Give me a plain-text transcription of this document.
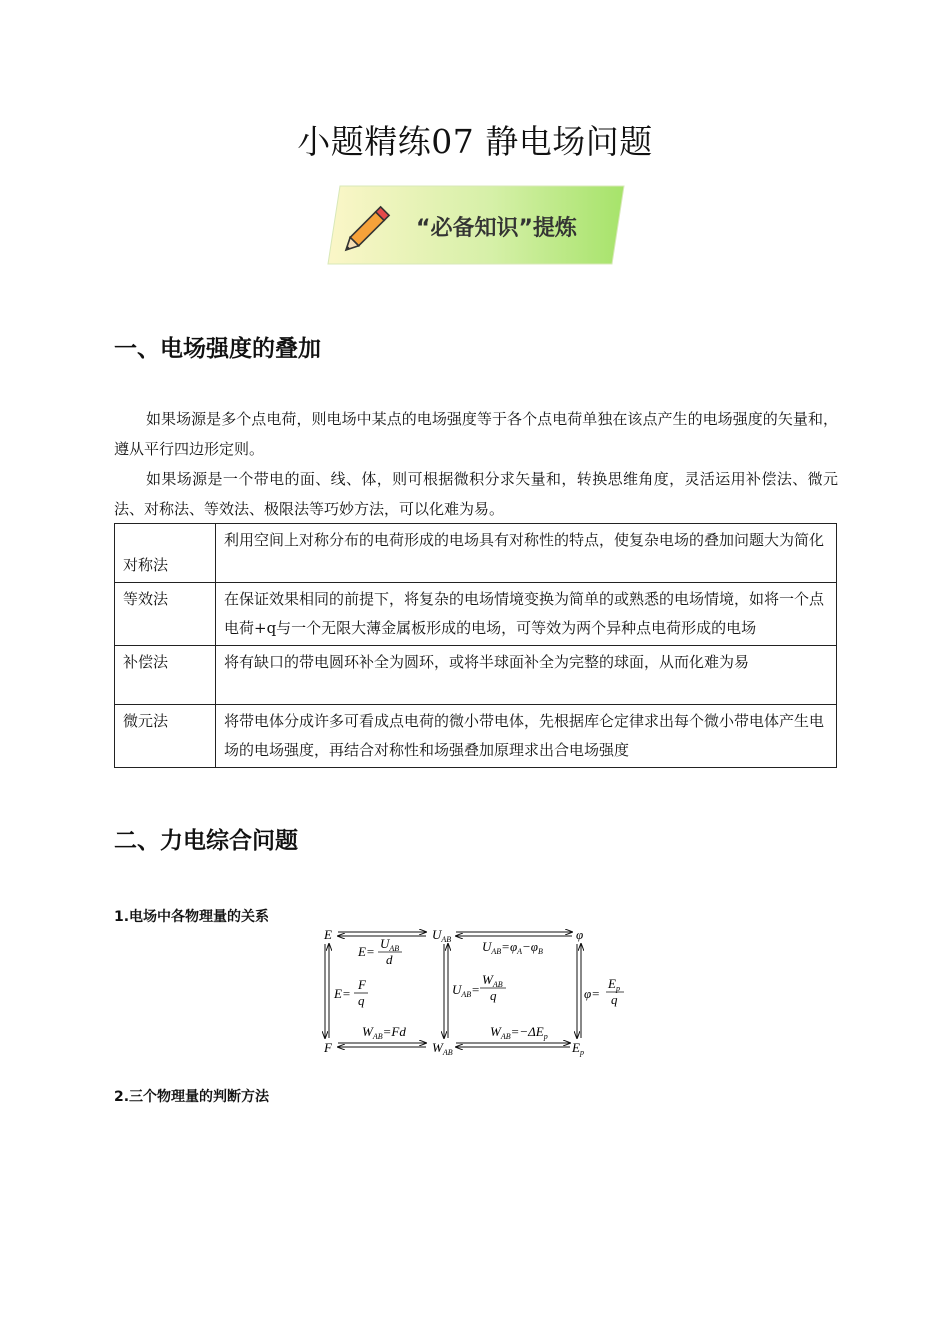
小题精练07 静电场问题
“必备知识”提炼
一、电场强度的叠加
如果场源是多个点电荷，则电场中某点的电场强度等于各个点电荷单独在该点产生的电场强度的矢量和，遵从平行四边形定则。
如果场源是一个带电的面、线、体，则可根据微积分求矢量和，转换思维角度，灵活运用补偿法、微元法、对称法、等效法、极限法等巧妙方法，可以化难为易。
对称法	利用空间上对称分布的电荷形成的电场具有对称性的特点，使复杂电场的叠加问题大为简化
等效法	在保证效果相同的前提下，将复杂的电场情境变换为简单的或熟悉的电场情境，如将一个点电荷+q与一个无限大薄金属板形成的电场，可等效为两个异种点电荷形成的电场
补偿法	将有缺口的带电圆环补全为圆环，或将半球面补全为完整的球面，从而化难为易
微元法	将带电体分成许多可看成点电荷的微小带电体，先根据库仑定律求出每个微小带电体产生电场的电场强度，再结合对称性和场强叠加原理求出合电场强度
二、力电综合问题
1.电场中各物理量的关系
E	$U_{AB}$	φ
F	$W_{AB}$	$E_p$
E=
$U_{AB}$
d
$U_{AB}=\varphi_A-\varphi_B$
E=
F
q
$U_{AB}=$
$W_{AB}$
q	φ=
$E_p$
q
$W_{AB}=Fd$	$W_{AB}=-\Delta E_p$
2.三个物理量的判断方法
